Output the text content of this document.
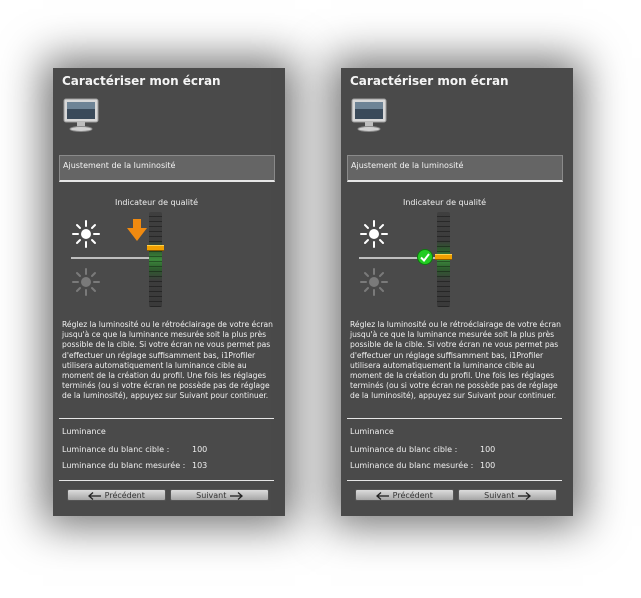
Caractériser mon écran
Ajustement de la luminosité
Indicateur de qualité

Réglez la luminosité ou le rétroéclairage de votre écran jusqu'à ce que la luminance mesurée soit la plus près possible de la cible. Si votre écran ne vous permet pas d'effectuer un réglage suffisamment bas, i1Profiler utilisera automatiquement la luminance cible au moment de la création du profil. Une fois les réglages terminés (ou si votre écran ne possède pas de réglage de la luminosité), appuyez sur Suivant pour continuer.

Luminance
Luminance du blanc cible :	100
Luminance du blanc mesurée : 103
Précédent	Suivant
Caractériser mon écran
Ajustement de la luminosité
Indicateur de qualité

Réglez la luminosité ou le rétroéclairage de votre écran jusqu'à ce que la luminance mesurée soit la plus près possible de la cible. Si votre écran ne vous permet pas d'effectuer un réglage suffisamment bas, i1Profiler utilisera automatiquement la luminance cible au moment de la création du profil. Une fois les réglages terminés (ou si votre écran ne possède pas de réglage de la luminosité), appuyez sur Suivant pour continuer.

Luminance
Luminance du blanc cible :	100
Luminance du blanc mesurée : 100
Précédent	Suivant
